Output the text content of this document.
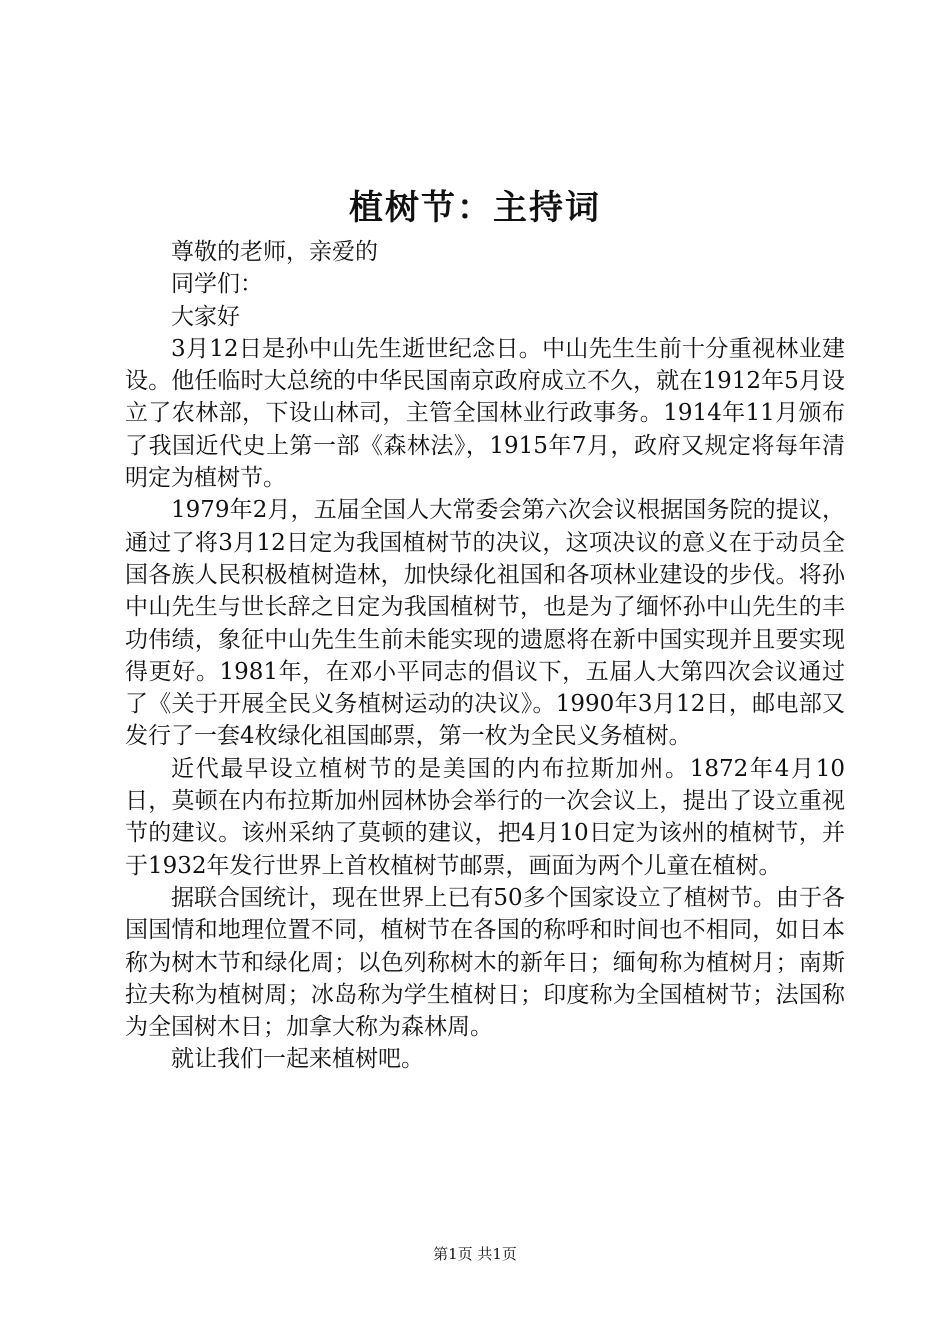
植树节：主持词

尊敬的老师，亲爱的

同学们：

大家好

3月12日是孙中山先生逝世纪念日。中山先生生前十分重视林业建设。他任临时大总统的中华民国南京政府成立不久，就在1912年5月设立了农林部，下设山林司，主管全国林业行政事务。1914年11月颁布了我国近代史上第一部《森林法》，1915年7月，政府又规定将每年清明定为植树节。

1979年2月，五届全国人大常委会第六次会议根据国务院的提议，通过了将3月12日定为我国植树节的决议，这项决议的意义在于动员全国各族人民积极植树造林，加快绿化祖国和各项林业建设的步伐。将孙中山先生与世长辞之日定为我国植树节，也是为了缅怀孙中山先生的丰功伟绩，象征中山先生生前未能实现的遗愿将在新中国实现并且要实现得更好。1981年，在邓小平同志的倡议下，五届人大第四次会议通过了《关于开展全民义务植树运动的决议》。1990年3月12日，邮电部又发行了一套4枚绿化祖国邮票，第一枚为全民义务植树。

近代最早设立植树节的是美国的内布拉斯加州。1872年4月10日，莫顿在内布拉斯加州园林协会举行的一次会议上，提出了设立重视节的建议。该州采纳了莫顿的建议，把4月10日定为该州的植树节，并于1932年发行世界上首枚植树节邮票，画面为两个儿童在植树。

据联合国统计，现在世界上已有50多个国家设立了植树节。由于各国国情和地理位置不同，植树节在各国的称呼和时间也不相同，如日本称为树木节和绿化周；以色列称树木的新年日；缅甸称为植树月；南斯拉夫称为植树周；冰岛称为学生植树日；印度称为全国植树节；法国称为全国树木日；加拿大称为森林周。

就让我们一起来植树吧。

第1页 共1页
